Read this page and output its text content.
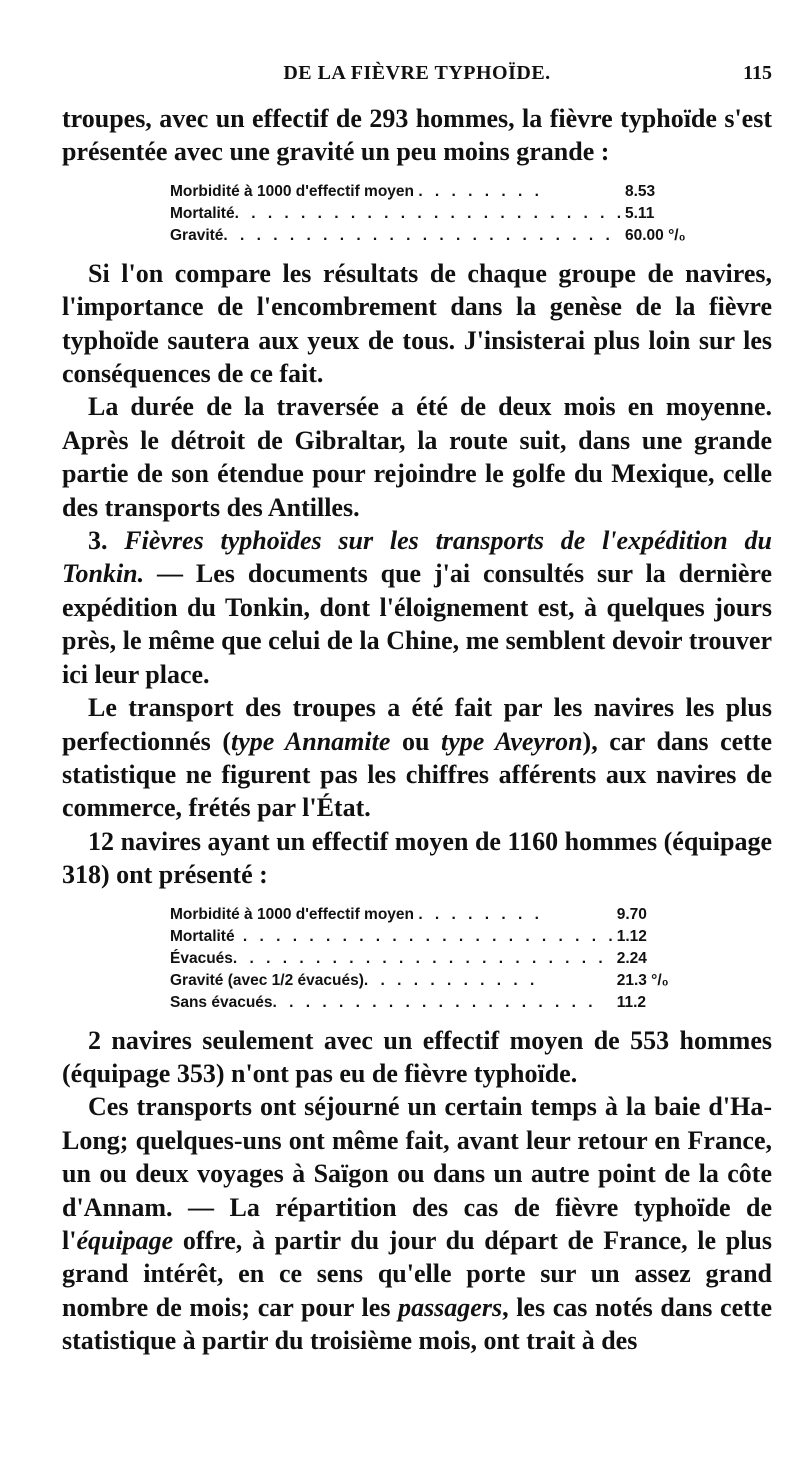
DE LA FIÈVRE TYPHOÏDE.	115

troupes, avec un effectif de 293 hommes, la fièvre typhoïde s'est présentée avec une gravité un peu moins grande :

Morbidité à 1000 d'effectif moyen . . . . . . . .	8.53
Mortalité. . . . . . . . . . . . . . . . . . . . . . . .	5.11
Gravité. . . . . . . . . . . . . . . . . . . . . . . .	60.00 °/₀

Si l'on compare les résultats de chaque groupe de navires, l'importance de l'encombrement dans la genèse de la fièvre typhoïde sautera aux yeux de tous. J'insisterai plus loin sur les conséquences de ce fait.

La durée de la traversée a été de deux mois en moyenne. Après le détroit de Gibraltar, la route suit, dans une grande partie de son étendue pour rejoindre le golfe du Mexique, celle des transports des Antilles.

3. Fièvres typhoïdes sur les transports de l'expédition du Tonkin. — Les documents que j'ai consultés sur la dernière expédition du Tonkin, dont l'éloignement est, à quelques jours près, le même que celui de la Chine, me semblent devoir trouver ici leur place.

Le transport des troupes a été fait par les navires les plus perfectionnés (type Annamite ou type Aveyron), car dans cette statistique ne figurent pas les chiffres afférents aux navires de commerce, frétés par l'État.

12 navires ayant un effectif moyen de 1160 hommes (équipage 318) ont présenté :

Morbidité à 1000 d'effectif moyen . . . . . . . .	9.70
Mortalité . . . . . . . . . . . . . . . . . . . . . . .	1.12
Évacués. . . . . . . . . . . . . . . . . . . . . . .	2.24
Gravité (avec 1/2 évacués). . . . . . . . . . .	21.3 °/₀
Sans évacués. . . . . . . . . . . . . . . . . . . .	11.2

2 navires seulement avec un effectif moyen de 553 hommes (équipage 353) n'ont pas eu de fièvre typhoïde.

Ces transports ont séjourné un certain temps à la baie d'Ha-Long; quelques-uns ont même fait, avant leur retour en France, un ou deux voyages à Saïgon ou dans un autre point de la côte d'Annam. — La répartition des cas de fièvre typhoïde de l'équipage offre, à partir du jour du départ de France, le plus grand intérêt, en ce sens qu'elle porte sur un assez grand nombre de mois; car pour les passagers, les cas notés dans cette statistique à partir du troisième mois, ont trait à des
